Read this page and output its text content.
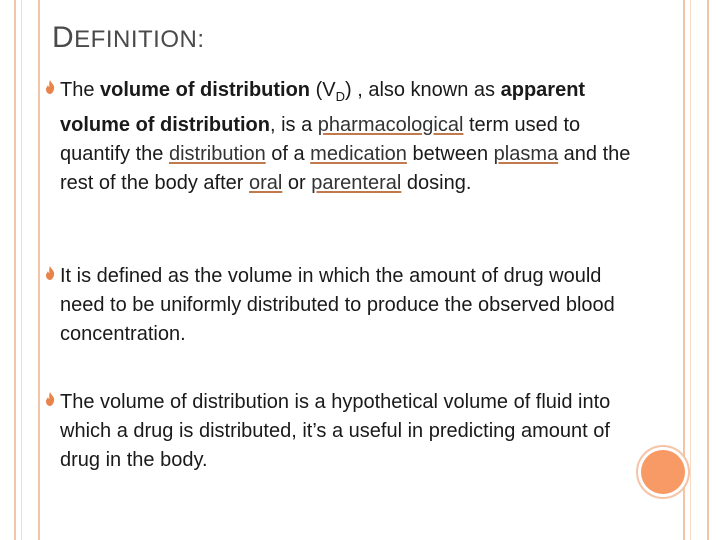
DEFINITION:
The volume of distribution $(V_D)$ , also known as apparent volume of distribution, is a pharmacological term used to quantify the distribution of a medication between plasma and the rest of the body after oral or parenteral dosing.
It is defined as the volume in which the amount of drug would need to be uniformly distributed to produce the observed blood concentration.
The volume of distribution is a hypothetical volume of fluid into which a drug is distributed, it’s a useful in predicting amount of drug in the body.
